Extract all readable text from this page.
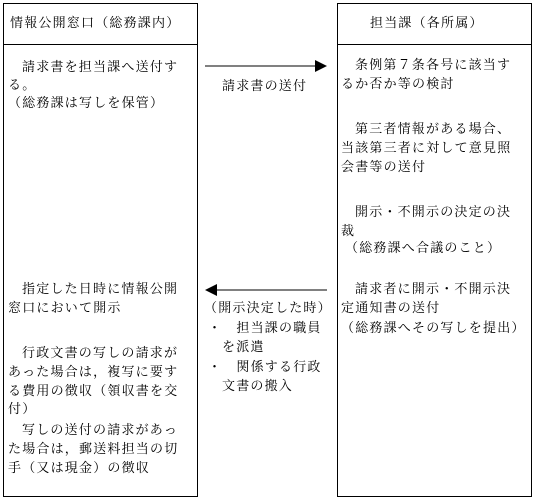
情報公開窓口（総務課内）
請求書を担当課へ送付す
る。
（総務課は写しを保管）
指定した日時に情報公開
窓口において開示
行政文書の写しの請求が
あった場合は，複写に要す
る費用の徴収（領収書を交
付）
写しの送付の請求があっ
た場合は，郵送料担当の切
手（又は現金）の徴収
担当課（各所属）
条例第７条各号に該当す
るか否か等の検討
第三者情報がある場合、
当該第三者に対して意見照
会書等の送付
開示・不開示の決定の決
裁
（総務課へ合議のこと）
請求者に開示・不開示決
定通知書の送付
（総務課へその写しを提出）
請求書の送付
（開示決定した時）
・　担当課の職員
を派遣
・　関係する行政
文書の搬入
